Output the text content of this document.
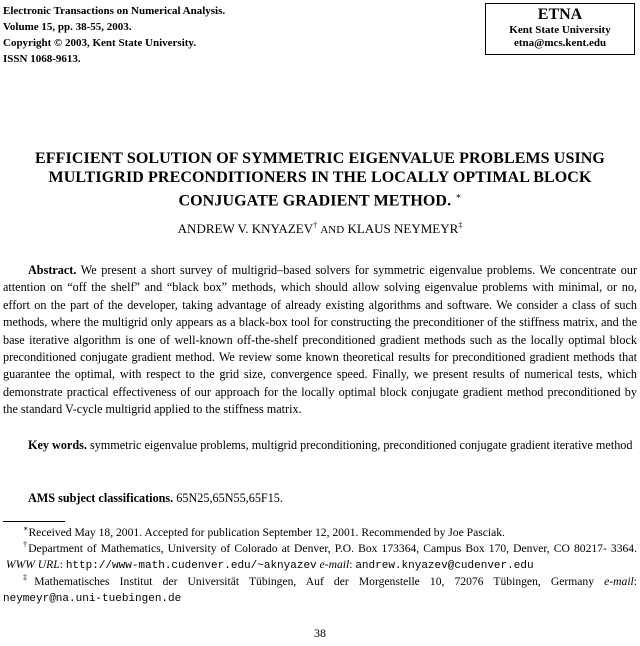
Electronic Transactions on Numerical Analysis.
Volume 15, pp. 38-55, 2003.
Copyright © 2003, Kent State University.
ISSN 1068-9613.
ETNA
Kent State University
etna@mcs.kent.edu
EFFICIENT SOLUTION OF SYMMETRIC EIGENVALUE PROBLEMS USING MULTIGRID PRECONDITIONERS IN THE LOCALLY OPTIMAL BLOCK CONJUGATE GRADIENT METHOD. ∗
ANDREW V. KNYAZEV† AND KLAUS NEYMEYR‡
Abstract. We present a short survey of multigrid–based solvers for symmetric eigenvalue problems. We concentrate our attention on “off the shelf” and “black box” methods, which should allow solving eigenvalue problems with minimal, or no, effort on the part of the developer, taking advantage of already existing algorithms and software. We consider a class of such methods, where the multigrid only appears as a black-box tool for constructing the preconditioner of the stiffness matrix, and the base iterative algorithm is one of well-known off-the-shelf preconditioned gradient methods such as the locally optimal block preconditioned conjugate gradient method. We review some known theoretical results for preconditioned gradient methods that guarantee the optimal, with respect to the grid size, convergence speed. Finally, we present results of numerical tests, which demonstrate practical effectiveness of our approach for the locally optimal block conjugate gradient method preconditioned by the standard V-cycle multigrid applied to the stiffness matrix.
Key words. symmetric eigenvalue problems, multigrid preconditioning, preconditioned conjugate gradient iterative method
AMS subject classifications. 65N25,65N55,65F15.
∗Received May 18, 2001. Accepted for publication September 12, 2001. Recommended by Joe Pasciak.
†Department of Mathematics, University of Colorado at Denver, P.O. Box 173364, Campus Box 170, Denver, CO 80217- 3364.  WWW URL: http://www-math.cudenver.edu/~aknyazev e-mail: andrew.knyazev@cudenver.edu
‡Mathematisches Institut der Universität Tübingen, Auf der Morgenstelle 10, 72076 Tübingen, Germany e-mail: neymeyr@na.uni-tuebingen.de
38
